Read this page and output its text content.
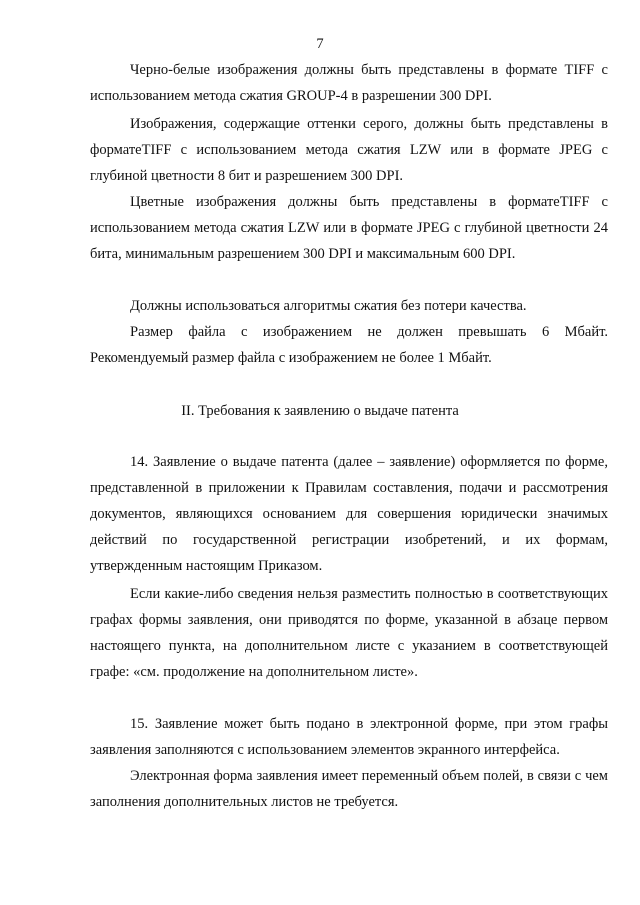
7

Черно-белые изображения должны быть представлены в формате TIFF с использованием метода сжатия GROUP-4 в разрешении 300 DPI.

Изображения, содержащие оттенки серого, должны быть представлены в форматеTIFF с использованием метода сжатия LZW или в формате JPEG с глубиной цветности 8 бит и разрешением 300 DPI.

Цветные изображения должны быть представлены в форматеTIFF с использованием метода сжатия LZW или в формате JPEG с глубиной цветности 24 бита, минимальным разрешением 300 DPI и максимальным 600 DPI.

Должны использоваться алгоритмы сжатия без потери качества.

Размер файла с изображением не должен превышать 6 Мбайт. Рекомендуемый размер файла с изображением не более 1 Мбайт.

II. Требования к заявлению о выдаче патента

14. Заявление о выдаче патента (далее – заявление) оформляется по форме, представленной в приложении к Правилам составления, подачи и рассмотрения документов, являющихся основанием для совершения юридически значимых действий по государственной регистрации изобретений, и их формам, утвержденным настоящим Приказом.

Если какие-либо сведения нельзя разместить полностью в соответствующих графах формы заявления, они приводятся по форме, указанной в абзаце первом настоящего пункта, на дополнительном листе с указанием в соответствующей графе: «см. продолжение на дополнительном листе».

15. Заявление может быть подано в электронной форме, при этом графы заявления заполняются с использованием элементов экранного интерфейса.

Электронная форма заявления имеет переменный объем полей, в связи с чем заполнения дополнительных листов не требуется.
